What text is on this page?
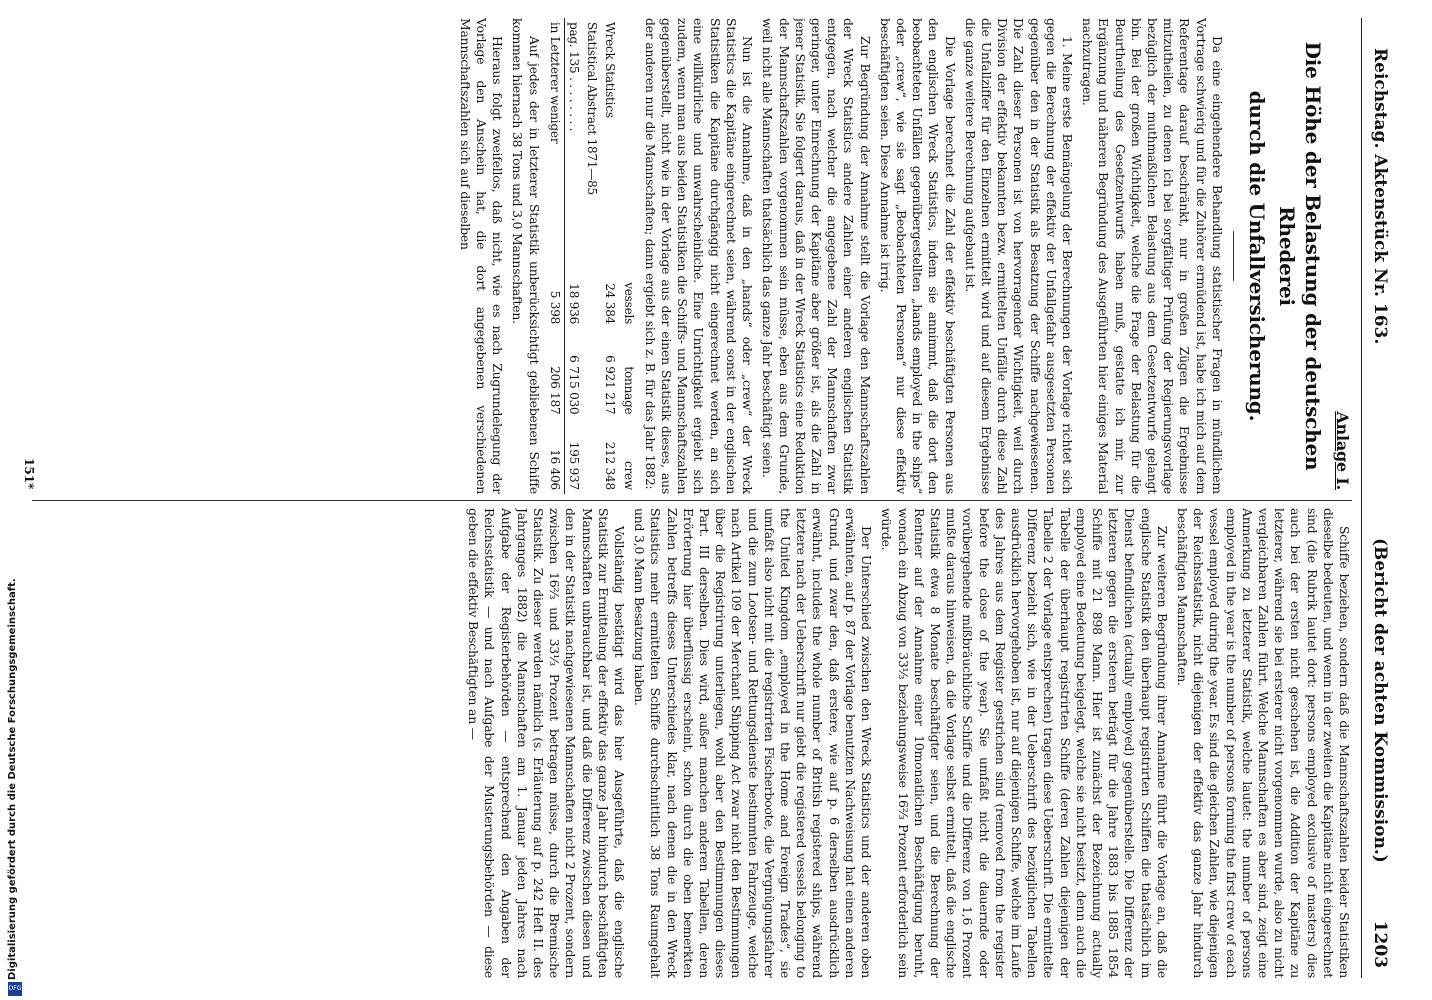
Digitalisierung gefördert durch die Deutsche Forschungsgemeinschaft.
DFG
Reichstag. Aktenstück Nr. 163.
(Bericht der achten Kommission.)
1203
Anlage I.
Die Höhe der Belastung der deutschen Rhederei
durch die Unfallversicherung.

Da eine eingehendere Behandlung statistischer Fragen in mündlichem Vortrage schwierig und für die Zuhörer ermüdend ist, habe ich mich auf dem Referentage darauf beschränkt, nur in großen Zügen die Ergebnisse mitzutheilen, zu denen ich bei sorgfältiger Prüfung der Regierungsvorlage bezüglich der muthmaßlichen Belastung aus dem Gesetzentwurfe gelangt bin. Bei der großen Wichtigkeit, welche die Frage der Belastung für die Beurtheilung des Gesetzentwurfs haben muß, gestatte ich mir, zur Ergänzung und näheren Begründung des Ausgeführten hier einiges Material nachzutragen.

1. Meine erste Bemängelung der Berechnungen der Vorlage richtet sich gegen die Berechnung der effektiv der Unfallgefahr ausgesetzten Personen gegenüber den in der Statistik als Besatzung der Schiffe nachgewiesenen. Die Zahl dieser Personen ist von hervorragender Wichtigkeit, weil durch Division der effektiv bekannten bezw. ermittelten Unfälle durch diese Zahl die Unfallziffer für den Einzelnen ermittelt wird und auf diesem Ergebnisse die ganze weitere Berechnung aufgebaut ist.

Die Vorlage berechnet die Zahl der effektiv beschäftigten Personen aus den englischen Wreck Statistics, indem sie annimmt, daß die dort den beobachteten Unfällen gegenübergestellten „hands employed in the ships“ oder „crew“, wie sie sagt „Beobachteten Personen“ nur diese effektiv beschäftigten seien. Diese Annahme ist irrig.

Zur Begründung der Annahme stellt die Vorlage den Mannschaftszahlen der Wreck Statistics andere Zahlen einer anderen englischen Statistik entgegen, nach welcher die angegebene Zahl der Mannschaften zwar geringer, unter Einrechnung der Kapitäne aber größer ist, als die Zahl in jener Statistik. Sie folgert daraus, daß in der Wreck Statistics eine Reduktion der Mannschaftszahlen vorgenommen sein müsse, eben aus dem Grunde, weil nicht alle Mannschaften thatsächlich das ganze Jahr beschäftigt seien.

Nun ist die Annahme, daß in den „hands“ oder „crew“ der Wreck Statistics die Kapitäne eingerechnet seien, während sonst in der englischen Statistiken die Kapitäne durchgängig nicht eingerechnet werden, an sich eine willkürliche und unwahrscheinliche. Eine Unrichtigkeit ergiebt sich zudem, wenn man aus beiden Statistiken die Schiffs- und Mannschaftszahlen gegenüberstellt, nicht wie in der Vorlage aus der einen Statistik dieses, aus der anderen nur die Mannschaften; dann ergiebt sich z. B. für das Jahr 1882:

	vessels	tonnage	crew
Wreck Statistics	24 384	6 921 217	212 348
Statistical Abstract 1871—85			
pag. 135 . . . . . . . .	18 936	6 715 030	195 937
in Letzterer weniger	5 398	206 187	16 406

Auf jedes der in letzterer Statistik unberücksichtigt gebliebenen Schiffe kommen hiernach 38 Tons und 3,0 Mannschaften.

Hieraus folgt zweifellos, daß nicht, wie es nach Zugrundelegung der Vorlage den Anschein hat, die dort angegebenen verschiedenen Mannschaftszahlen sich auf dieselben

Schiffe beziehen, sondern daß die Mannschaftszahlen beider Statistiken dieselbe bedeuten, und wenn in der zweiten die Kapitäne nicht eingerechnet sind (die Rubrik lautet dort: persons employed exclusive of masters) dies auch bei der ersten nicht geschehen ist, die Addition der Kapitäne zu letzterer, während sie bei ersterer nicht vorgenommen wurde, also zu nicht vergleichbaren Zahlen führt. Welche Mannschaften es aber sind, zeigt eine Anmerkung zu letzterer Statistik, welche lautet: the number of persons employed in the year is the number of persons forming the first crew of each vessel employed during the year. Es sind die gleichen Zahlen, wie diejenigen der Reichsstatistik, nicht diejenigen der effektiv das ganze Jahr hindurch beschäftigten Mannschaften.

Zur weiteren Begründung ihrer Annahme führt die Vorlage an, daß die englische Statistik den überhaupt registrirten Schiffen die thatsächlich im Dienst befindlichen (actually employed) gegenüberstelle. Die Differenz der letzteren gegen die ersteren beträgt für die Jahre 1883 bis 1885 1854 Schiffe mit 21 898 Mann. Hier ist zunächst der Bezeichnung actually employed eine Bedeutung beigelegt, welche sie nicht besitzt, denn auch die Tabelle der überhaupt registrirten Schiffe (deren Zahlen diejenigen der Tabelle 2 der Vorlage entsprechen) tragen diese Ueberschrift. Die ermittelte Differenz bezieht sich, wie in der Ueberschrift des bezüglichen Tabellen ausdrücklich hervorgehoben ist, nur auf diejenigen Schiffe, welche im Laufe des Jahres aus dem Register gestrichen sind (removed from the register before the close of the year). Sie umfaßt nicht die dauernde oder vorübergehende mißbräuchliche Schiffe und die Differenz von 1,6 Prozent mußte daraus hinweisen, da die Vorlage selbst ermittelt, daß die englische Statistik etwa 8 Monate beschäftigter seien, und die Berechnung der Rentner auf der Annahme einer 10monatlichen Beschäftigung beruht, wonach ein Abzug von 33⅓ beziehungsweise 16⅔ Prozent erforderlich sein würde.

Der Unterschied zwischen den Wreck Statistics und der anderen oben erwähnten, auf p. 87 der Vorlage benutzten Nachweisung hat einen anderen Grund, und zwar den, daß erstere, wie auf p. 6 derselben ausdrücklich erwähnt, includes the whole number of British registered ships, während letztere nach der Ueberschrift nur giebt die registered vessels belonging to the United Kingdom „employed in the Home and Foreign Trades“, sie umfaßt also nicht mit die registrirten Fischerboote, die Vergnügungsfahrer und die zum Lootsen- und Rettungsdienste bestimmten Fahrzeuge, welche nach Artikel 109 der Merchant Shipping Act zwar nicht den Bestimmungen über die Registrirung unterliegen, wohl aber den Bestimmungen dieses Part. III derselben. Dies wird, außer manchen anderen Tabellen, deren Erörterung hier überflüssig erscheint, schon durch die oben bemerkten Zahlen betreffs dieses Unterschiedes klar, nach denen die in den Wreck Statistics mehr ermittelten Schiffe durchschnittlich 38 Tons Raumgehalt und 3,0 Mann Besatzung haben.

Vollständig bestätigt wird das hier Ausgeführte, daß die englische Statistik zur Ermittelung der effektiv das ganze Jahr hindurch beschäftigten Mannschaften unbrauchbar ist, und daß die Differenz zwischen diesen und den in der Statistik nachgewiesenen Mannschaften nicht 2 Prozent, sondern zwischen 16⅔ und 33⅓ Prozent betragen müsse, durch die Bremische Statistik. Zu dieser werden nämlich (s. Erläuterung auf p. 242 Heft II. des Jahrganges 1882) die Mannschaften am 1. Januar jeden Jahres nach Aufgabe der Registerbehörden — entsprechend den Angaben der Reichsstatistik — und nach Aufgabe der Musterungsbehörden — diese geben die effektiv Beschäftigten an —

151*
